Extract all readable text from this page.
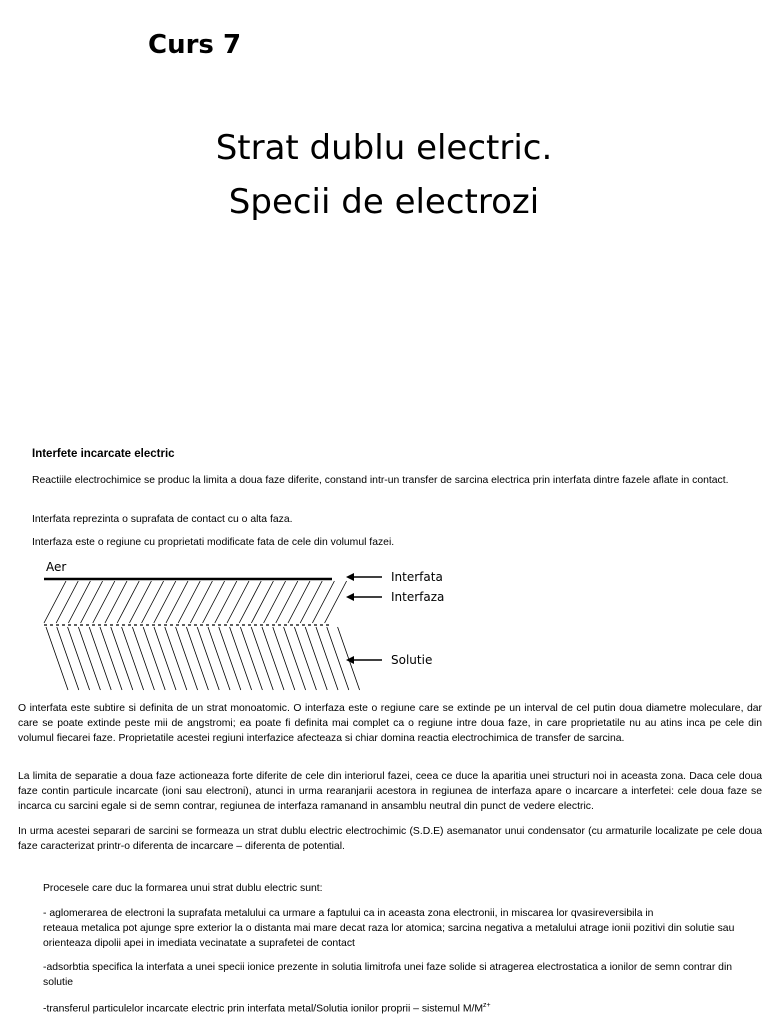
Curs 7
Strat dublu electric.
Specii de electrozi
Interfete incarcate electric

Reactiile electrochimice se produc la limita a doua faze diferite, constand intr-un transfer de sarcina electrica prin interfata dintre fazele aflate in contact.

Interfata reprezinta o suprafata de contact cu o alta faza.

Interfaza este o regiune cu proprietati modificate fata de cele din volumul fazei.

Aer
Interfata
Interfaza
Solutie

O interfata este subtire si definita de un strat monoatomic. O interfaza este o regiune care se extinde pe un interval de cel putin doua diametre moleculare, dar care se poate extinde peste mii de angstromi; ea poate fi definita mai complet ca o regiune intre doua faze, in care proprietatile nu au atins inca pe cele din volumul fiecarei faze. Proprietatile acestei regiuni interfazice afecteaza si chiar domina reactia electrochimica de transfer de sarcina.

La limita de separatie a doua faze actioneaza forte diferite de cele din interiorul fazei, ceea ce duce la aparitia unei structuri noi in aceasta zona. Daca cele doua faze contin particule incarcate (ioni sau electroni), atunci in urma rearanjarii acestora in regiunea de interfaza apare o incarcare a interfetei: cele doua faze se incarca cu sarcini egale si de semn contrar, regiunea de interfaza ramanand in ansamblu neutral din punct de vedere electric.

In urma acestei separari de sarcini se formeaza un strat dublu electric electrochimic (S.D.E) asemanator unui condensator (cu armaturile localizate pe cele doua faze caracterizat printr-o diferenta de incarcare – diferenta de potential.

Procesele care duc la formarea unui strat dublu electric sunt:

- aglomerarea de electroni la suprafata metalului ca urmare a faptului ca in aceasta zona electronii, in miscarea lor qvasireversibila in
reteaua metalica pot ajunge spre exterior la o distanta mai mare decat raza lor atomica; sarcina negativa a metalului atrage ionii pozitivi din solutie sau orienteaza dipolii apei in imediata vecinatate a suprafetei de contact

-adsorbtia specifica la interfata a unei specii ionice prezente in solutia limitrofa unei faze solide si atragerea electrostatica a ionilor de semn contrar din solutie

-transferul particulelor incarcate electric prin interfata metal/Solutia ionilor proprii – sistemul $M/M^{z+}$
